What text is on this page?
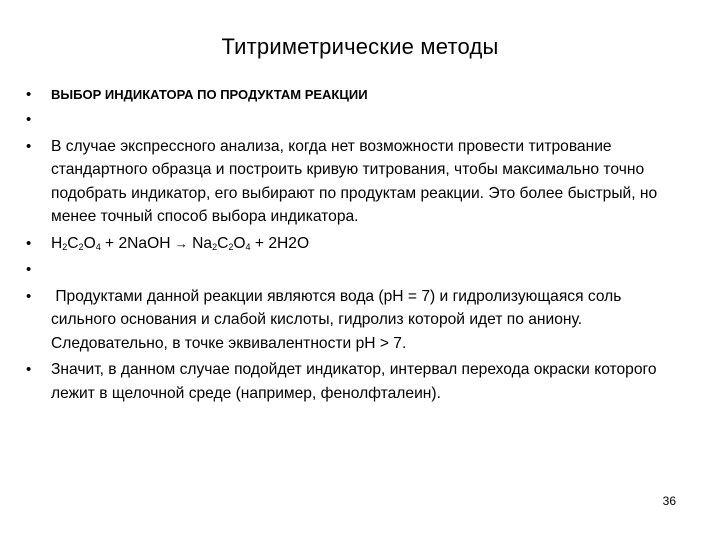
Титриметрические методы
• ВЫБОР ИНДИКАТОРА ПО ПРОДУКТАМ РЕАКЦИИ
•
• В случае экспрессного анализа, когда нет возможности провести титрование стандартного образца и построить кривую титрования, чтобы максимально точно подобрать индикатор, его выбирают по продуктам реакции. Это более быстрый, но менее точный способ выбора индикатора.
• $H_2C_2O_4$ + 2NaOH → $Na_2C_2O_4 + 2H2O$
•
• Продуктами данной реакции являются вода (pH = 7) и гидролизующаяся соль сильного основания и слабой кислоты, гидролиз которой идет по аниону. Следовательно, в точке эквивалентности pH > 7.
• Значит, в данном случае подойдет индикатор, интервал перехода окраски которого лежит в щелочной среде (например, фенолфталеин).
36
